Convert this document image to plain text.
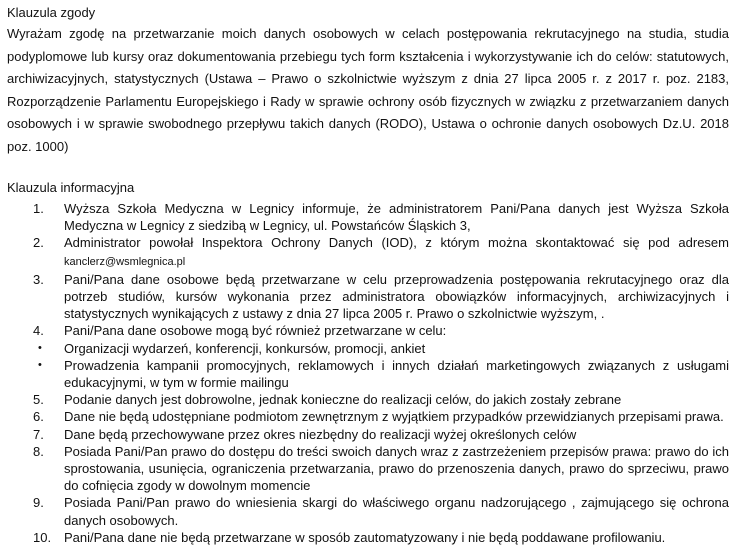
Klauzula zgody

Wyrażam zgodę na przetwarzanie moich danych osobowych w celach postępowania rekrutacyjnego na studia, studia podyplomowe lub kursy oraz dokumentowania przebiegu tych form kształcenia i wykorzystywanie ich do celów: statutowych, archiwizacyjnych, statystycznych (Ustawa – Prawo o szkolnictwie wyższym z dnia 27 lipca 2005 r. z 2017 r. poz. 2183, Rozporządzenie Parlamentu Europejskiego i Rady w sprawie ochrony osób fizycznych w związku z przetwarzaniem danych osobowych i w sprawie swobodnego przepływu takich danych (RODO), Ustawa o ochronie danych osobowych Dz.U. 2018 poz. 1000)

Klauzula informacyjna
1. Wyższa Szkoła Medyczna w Legnicy informuje, że administratorem Pani/Pana danych jest Wyższa Szkoła Medyczna w Legnicy z siedzibą w Legnicy, ul. Powstańców Śląskich 3,
2. Administrator powołał Inspektora Ochrony Danych (IOD), z którym można skontaktować się pod adresem kanclerz@wsmlegnica.pl
3. Pani/Pana dane osobowe będą przetwarzane w celu przeprowadzenia postępowania rekrutacyjnego oraz dla potrzeb studiów, kursów wykonania przez administratora obowiązków informacyjnych, archiwizacyjnych i statystycznych wynikających z ustawy z dnia 27 lipca 2005 r. Prawo o szkolnictwie wyższym, .
4. Pani/Pana dane osobowe mogą być również przetwarzane w celu:
• Organizacji wydarzeń, konferencji, konkursów, promocji, ankiet
• Prowadzenia kampanii promocyjnych, reklamowych i innych działań marketingowych związanych z usługami edukacyjnymi, w tym w formie mailingu
5. Podanie danych jest dobrowolne, jednak konieczne do realizacji celów, do jakich zostały zebrane
6. Dane nie będą udostępniane podmiotom zewnętrznym z wyjątkiem przypadków przewidzianych przepisami prawa.
7. Dane będą przechowywane przez okres niezbędny do realizacji wyżej określonych celów
8. Posiada Pani/Pan prawo do dostępu do treści swoich danych wraz z zastrzeżeniem przepisów prawa: prawo do ich sprostowania, usunięcia, ograniczenia przetwarzania, prawo do przenoszenia danych, prawo do sprzeciwu, prawo do cofnięcia zgody w dowolnym momencie
9. Posiada Pani/Pan prawo do wniesienia skargi do właściwego organu nadzorującego , zajmującego się ochrona danych osobowych.
10. Pani/Pana dane nie będą przetwarzane w sposób zautomatyzowany i nie będą poddawane profilowaniu.
